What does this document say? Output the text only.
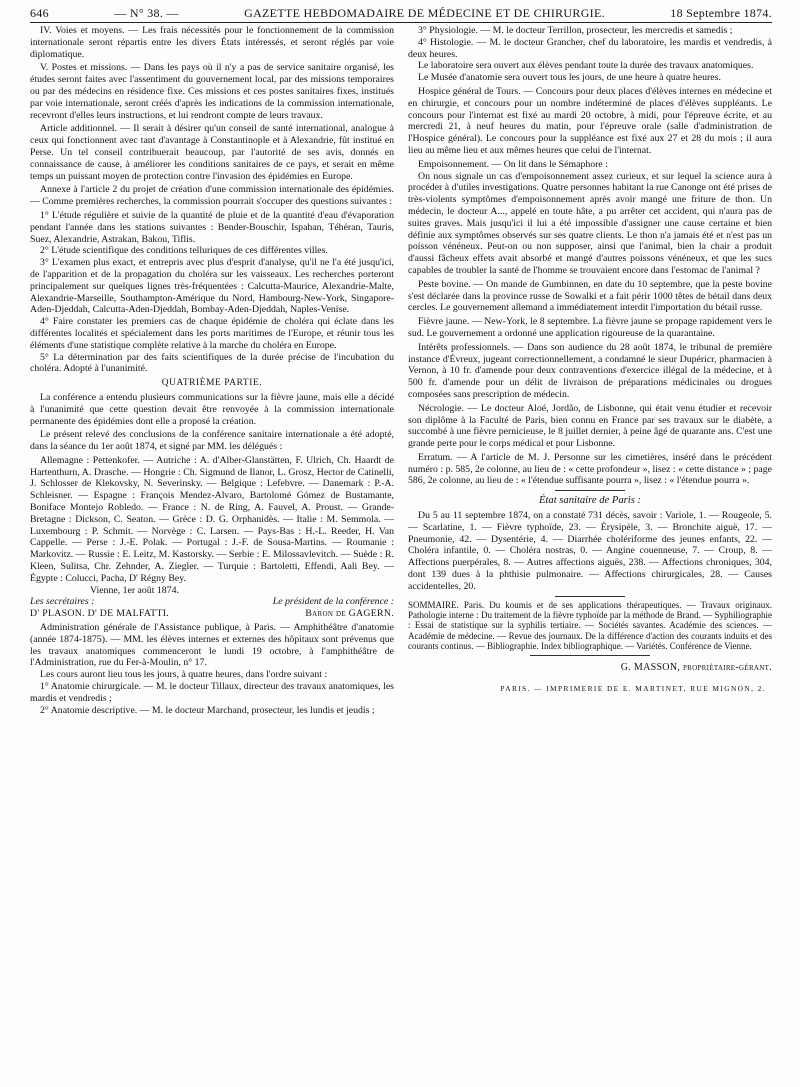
646	— N° 38. —	GAZETTE HEBDOMADAIRE DE MÉDECINE ET DE CHIRURGIE.	18 Septembre 1874.

IV. Voies et moyens. — Les frais nécessités pour le fonctionnement de la commission internationale seront répartis entre les divers États intéressés, et seront réglés par voie diplomatique.

V. Postes et missions. — Dans les pays où il n'y a pas de service sanitaire organisé, les études seront faites avec l'assentiment du gouvernement local, par des missions temporaires ou par des médecins en résidence fixe. Ces missions et ces postes sanitaires fixes, institués par voie internationale, seront créés d'après les indications de la commission internationale, recevront d'elles leurs instructions, et lui rendront compte de leurs travaux.

Article additionnel. — Il serait à désirer qu'un conseil de santé international, analogue à ceux qui fonctionnent avec tant d'avantage à Constantinople et à Alexandrie, fût institué en Perse. Un tel conseil contribuerait beaucoup, par l'autorité de ses avis, donnés en connaissance de cause, à améliorer les conditions sanitaires de ce pays, et serait en même temps un puissant moyen de protection contre l'invasion des épidémies en Europe.

Annexe à l'article 2 du projet de création d'une commission internationale des épidémies. — Comme premières recherches, la commission pourrait s'occuper des questions suivantes :

1° L'étude régulière et suivie de la quantité de pluie et de la quantité d'eau d'évaporation pendant l'année dans les stations suivantes : Bender-Bouschir, Ispahan, Téhéran, Tauris, Suez, Alexandrie, Astrakan, Bakou, Tiflis.

2° L'étude scientifique des conditions telluriques de ces différentes villes.

3° L'examen plus exact, et entrepris avec plus d'esprit d'analyse, qu'il ne l'a été jusqu'ici, de l'apparition et de la propagation du choléra sur les vaisseaux. Les recherches porteront principalement sur quelques lignes très-fréquentées : Calcutta-Maurice, Alexandrie-Malte, Alexandrie-Marseille, Southampton-Amérique du Nord, Hambourg-New-York, Singapore-Aden-Djeddah, Calcutta-Aden-Djeddah, Bombay-Aden-Djeddah, Naples-Venise.

4° Faire constater les premiers cas de chaque épidémie de choléra qui éclate dans les différentes localités et spécialement dans les ports maritimes de l'Europe, et réunir tous les éléments d'une statistique complète relative à la marche du choléra en Europe.

5° La détermination par des faits scientifiques de la durée précise de l'incubation du choléra. Adopté à l'unanimité.

QUATRIÈME PARTIE.

La conférence a entendu plusieurs communications sur la fièvre jaune, mais elle a décidé à l'unanimité que cette question devait être renvoyée à la commission internationale permanente des épidémies dont elle a proposé la création.

Le présent relevé des conclusions de la conférence sanitaire internationale a été adopté, dans la séance du 1er août 1874, et signé par MM. les délégués :

Allemagne : Pettenkofer. — Autriche : A. d'Alber-Glanstätten, F. Ulrich, Ch. Haardt de Hartenthurn, A. Drasche. — Hongrie : Ch. Sigmund de Ilanor, L. Grosz, Hector de Catinelli, J. Schlosser de Klekovsky, N. Severinsky. — Belgique : Lefebvre. — Danemark : P.-A. Schleisner. — Espagne : François Mendez-Alvaro, Bartolomé Gómez de Bustamante, Boniface Montejo Robledo. — France : N. de Ring, A. Fauvel, A. Proust. — Grande-Bretagne : Dickson, C. Seaton. — Grèce : D. G. Orphanidès. — Italie : M. Semmola. — Luxembourg : P. Schmit. — Norvège : C. Larsen. — Pays-Bas : H.-L. Reeder, H. Van Cappelle. — Perse : J.-E. Polak. — Portugal : J.-F. de Sousa-Martins. — Roumanie : Markovitz. — Russie : E. Leitz, M. Kastorsky. — Serbie : E. Milossavlevitch. — Suède : R. Kleen, Sulitsa, Chr. Zehnder, A. Ziegler. — Turquie : Bartoletti, Effendi, Aali Bey. — Égypte : Colucci, Pacha, D' Régny Bey.

Vienne, 1er août 1874.

Les secrétaires :	Le président de la conférence :
D' PLASON. D' DE MALFATTI.	Baron de GAGERN.

Administration générale de l'Assistance publique, à Paris. — Amphithéâtre d'anatomie (année 1874-1875). — MM. les élèves internes et externes des hôpitaux sont prévenus que les travaux anatomiques commenceront le lundi 19 octobre, à l'amphithéâtre de l'Administration, rue du Fer-à-Moulin, n° 17.

Les cours auront lieu tous les jours, à quatre heures, dans l'ordre suivant :

1° Anatomie chirurgicale. — M. le docteur Tillaux, directeur des travaux anatomiques, les mardis et vendredis ;

2° Anatomie descriptive. — M. le docteur Marchand, prosecteur, les lundis et jeudis ;

3° Physiologie. — M. le docteur Terrillon, prosecteur, les mercredis et samedis ;

4° Histologie. — M. le docteur Grancher, chef du laboratoire, les mardis et vendredis, à deux heures.

Le laboratoire sera ouvert aux élèves pendant toute la durée des travaux anatomiques.

Le Musée d'anatomie sera ouvert tous les jours, de une heure à quatre heures.

Hospice général de Tours. — Concours pour deux places d'élèves internes en médecine et en chirurgie, et concours pour un nombre indéterminé de places d'élèves suppléants. Le concours pour l'internat est fixé au mardi 20 octobre, à midi, pour l'épreuve écrite, et au mercredi 21, à neuf heures du matin, pour l'épreuve orale (salle d'administration de l'Hospice général). Le concours pour la suppléance est fixé aux 27 et 28 du mois ; il aura lieu au même lieu et aux mêmes heures que celui de l'internat.

Empoisonnement. — On lit dans le Sémaphore :

On nous signale un cas d'empoisonnement assez curieux, et sur lequel la science aura à procéder à d'utiles investigations. Quatre personnes habitant la rue Canonge ont été prises de très-violents symptômes d'empoisonnement après avoir mangé une friture de thon. Un médecin, le docteur A..., appelé en toute hâte, a pu arrêter cet accident, qui n'aura pas de suites graves. Mais jusqu'ici il lui a été impossible d'assigner une cause certaine et bien définie aux symptômes observés sur ses quatre clients. Le thon n'a jamais été et n'est pas un poisson vénéneux. Peut-on ou non supposer, ainsi que l'animal, bien la chair a produit d'aussi fâcheux effets avait absorbé et mangé d'autres poissons vénéneux, et que les sucs capables de troubler la santé de l'homme se trouvaient encore dans l'estomac de l'animal ?

Peste bovine. — On mande de Gumbinnen, en date du 10 septembre, que la peste bovine s'est déclarée dans la province russe de Sowalki et a fait périr 1000 têtes de bétail dans deux cercles. Le gouvernement allemand a immédiatement interdit l'importation du bétail russe.

Fièvre jaune. — New-York, le 8 septembre. La fièvre jaune se propage rapidement vers le sud. Le gouvernement a ordonné une application rigoureuse de la quarantaine.

Intérêts professionnels. — Dans son audience du 28 août 1874, le tribunal de première instance d'Évreux, jugeant correctionnellement, a condamné le sieur Dupéricr, pharmacien à Vernon, à 10 fr. d'amende pour deux contraventions d'exercice illégal de la médecine, et à 500 fr. d'amende pour un délit de livraison de préparations médicinales ou drogues composées sans prescription de médecin.

Nécrologie. — Le docteur Aloé, Jordão, de Lisbonne, qui était venu étudier et recevoir son diplôme à la Faculté de Paris, bien connu en France par ses travaux sur le diabète, a succombé à une fièvre pernicieuse, le 8 juillet dernier, à peine âgé de quarante ans. C'est une grande perte pour le corps médical et pour Lisbonne.

Erratum. — A l'article de M. J. Personne sur les cimetières, inséré dans le précédent numéro : p. 585, 2e colonne, au lieu de : « cette profondeur », lisez : « cette distance » ; page 586, 2e colonne, au lieu de : « l'étendue suffisante pourra », lisez : « l'étendue pourra ».

État sanitaire de Paris :

Du 5 au 11 septembre 1874, on a constaté 731 décès, savoir : Variole, 1. — Rougeole, 5. — Scarlatine, 1. — Fièvre typhoïde, 23. — Érysipèle, 3. — Bronchite aiguë, 17. — Pneumonie, 42. — Dysentérie, 4. — Diarrhée cholériforme des jeunes enfants, 22. — Choléra infantile, 0. — Choléra nostras, 0. — Angine couenneuse, 7. — Croup, 8. — Affections puerpérales, 8. — Autres affections aiguës, 238. — Affections chroniques, 304, dont 139 dues à la phthisie pulmonaire. — Affections chirurgicales, 28. — Causes accidentelles, 20.

SOMMAIRE. Paris. Du koumis et de ses applications thérapeutiques. — Travaux originaux. Pathologie interne : Du traitement de la fièvre typhoïde par la méthode de Brand. — Syphiliographie : Essai de statistique sur la syphilis tertiaire. — Sociétés savantes. Académie des sciences. — Académie de médecine. — Revue des journaux. De la différence d'action des courants induits et des courants continus. — Bibliographie. Index bibliographique. — Variétés. Conférence de Vienne.

G. MASSON, propriétaire-gérant.

PARIS. — IMPRIMERIE DE E. MARTINET, RUE MIGNON, 2.
